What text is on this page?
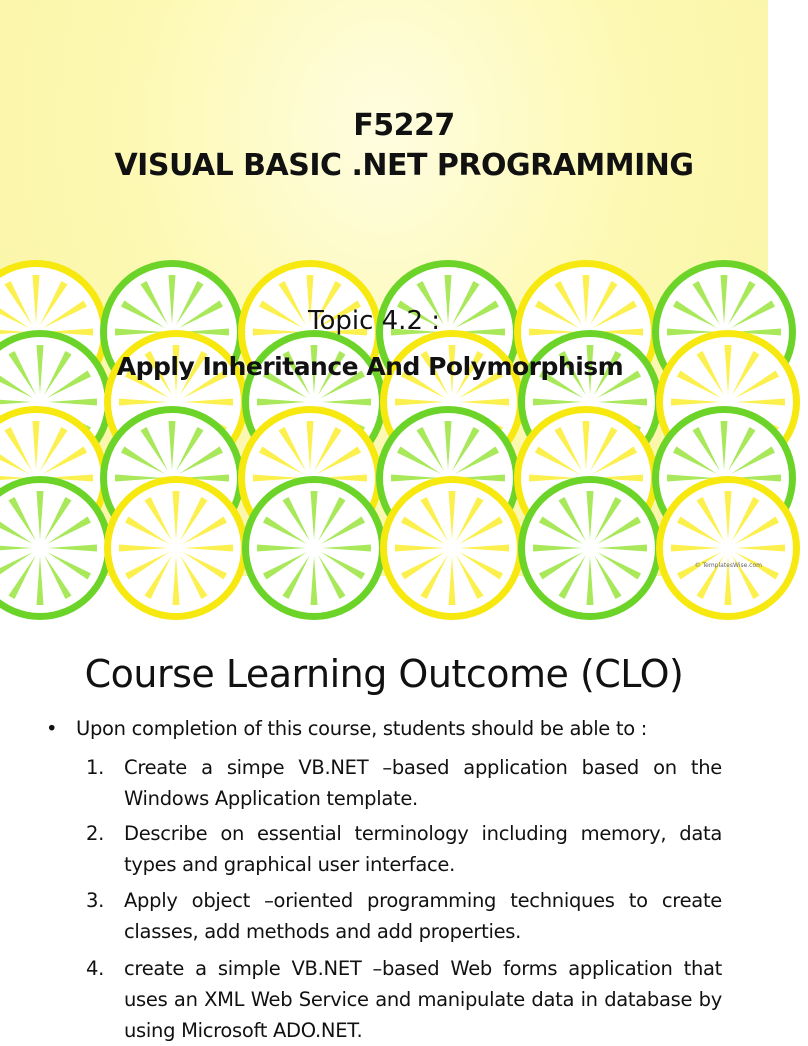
F5227
VISUAL BASIC .NET PROGRAMMING
Topic 4.2 :
Apply Inheritance And Polymorphism
© TemplatesWise.com
Course Learning Outcome (CLO)
• Upon completion of this course, students should be able to :
1. Create a simpe VB.NET –based application based on the Windows Application template.
2. Describe on essential terminology including memory, data types and graphical user interface.
3. Apply object –oriented programming techniques to create classes, add methods and add properties.
4. create a simple VB.NET –based Web forms application that uses an XML Web Service and manipulate data in database by using Microsoft ADO.NET.
